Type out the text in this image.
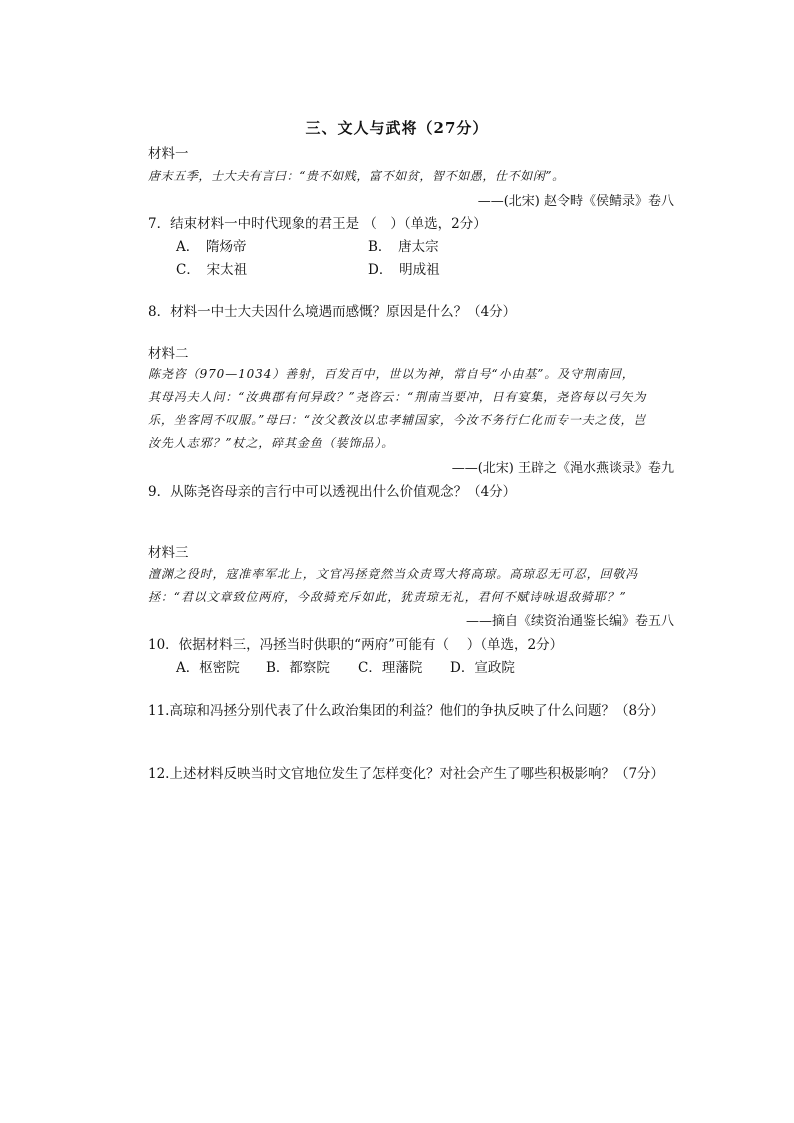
三、文人与武将（27分）
材料一
唐末五季，士大夫有言曰：“贵不如贱，富不如贫，智不如愚，仕不如闲”。
——(北宋) 赵令畤《侯鲭录》卷八
7．结束材料一中时代现象的君王是 （　）（单选，2分）
A．　隋炀帝	B．　唐太宗
C．　宋太祖	D．　明成祖
8．材料一中士大夫因什么境遇而感慨？原因是什么？（4分）
材料二
陈尧咨（970—1034）善射，百发百中，世以为神，常自号“小由基”。及守荆南回，
其母冯夫人问：“汝典郡有何异政？”尧咨云：“荆南当要冲，日有宴集，尧咨每以弓矢为
乐，坐客罔不叹服。”母曰：“汝父教汝以忠孝辅国家，今汝不务行仁化而专一夫之伎，岂
汝先人志邪？”杖之，碎其金鱼（装饰品）。
——(北宋) 王辟之《渑水燕谈录》卷九
9．从陈尧咨母亲的言行中可以透视出什么价值观念？（4分）
材料三
澶渊之役时，寇准率军北上，文官冯拯竟然当众责骂大将高琼。高琼忍无可忍，回敬冯
拯：“君以文章致位两府，今敌骑充斥如此，犹责琼无礼，君何不赋诗咏退敌骑耶？”
——摘自《续资治通鉴长编》卷五八
10．依据材料三，冯拯当时供职的“两府”可能有（　 ）（单选，2分）
A．枢密院 B．都察院 C．理藩院 D．宣政院
11.高琼和冯拯分别代表了什么政治集团的利益？他们的争执反映了什么问题？（8分）
12.上述材料反映当时文官地位发生了怎样变化？对社会产生了哪些积极影响？（7分）
